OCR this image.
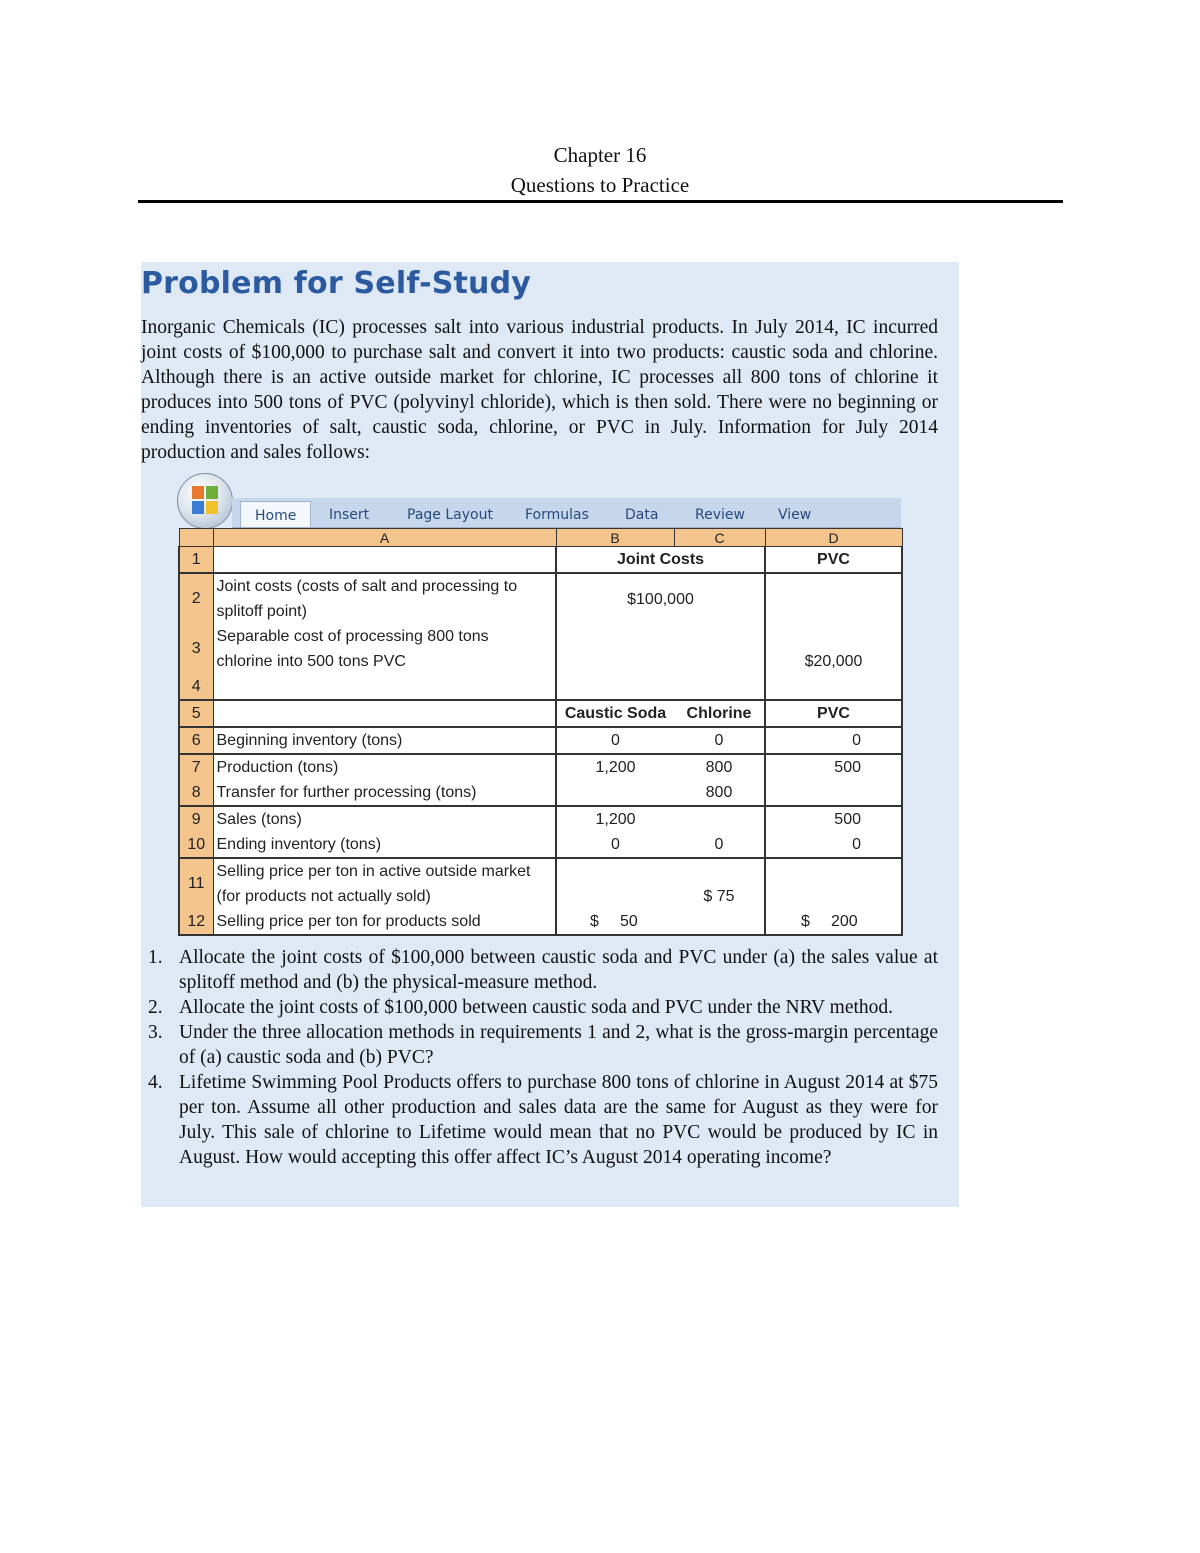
Chapter 16
Questions to Practice
Problem for Self-Study
Inorganic Chemicals (IC) processes salt into various industrial products. In July 2014, IC incurred joint costs of $100,000 to purchase salt and convert it into two products: caustic soda and chlorine. Although there is an active outside market for chlorine, IC processes all 800 tons of chlorine it produces into 500 tons of PVC (polyvinyl chloride), which is then sold. There were no beginning or ending inventories of salt, caustic soda, chlorine, or PVC in July. Information for July 2014 production and sales follows:
Home	Insert	Page Layout Formulas	Data	Review View
	A	B	C	D
1		Joint Costs		PVC
2	Joint costs (costs of salt and processing to
splitoff point)	$100,000		
3	Separable cost of processing 800 tons
chlorine into 500 tons PVC			$20,000
4				
5		Caustic Soda	Chlorine	PVC
6	Beginning inventory (tons)	0	0	0
7	Production (tons)	1,200	800	500
8	Transfer for further processing (tons)		800	
9	Sales (tons)	1,200		500
10	Ending inventory (tons)	0	0	0
11	Selling price per ton in active outside market
(for products not actually sold)		$ 75	
12	Selling price per ton for products sold	$ 50		$ 200
1. Allocate the joint costs of $100,000 between caustic soda and PVC under (a) the sales value at splitoff method and (b) the physical-measure method.
2. Allocate the joint costs of $100,000 between caustic soda and PVC under the NRV method.
3. Under the three allocation methods in requirements 1 and 2, what is the gross-margin percentage of (a) caustic soda and (b) PVC?
4. Lifetime Swimming Pool Products offers to purchase 800 tons of chlorine in August 2014 at $75 per ton. Assume all other production and sales data are the same for August as they were for July. This sale of chlorine to Lifetime would mean that no PVC would be produced by IC in August. How would accepting this offer affect IC’s August 2014 operating income?
